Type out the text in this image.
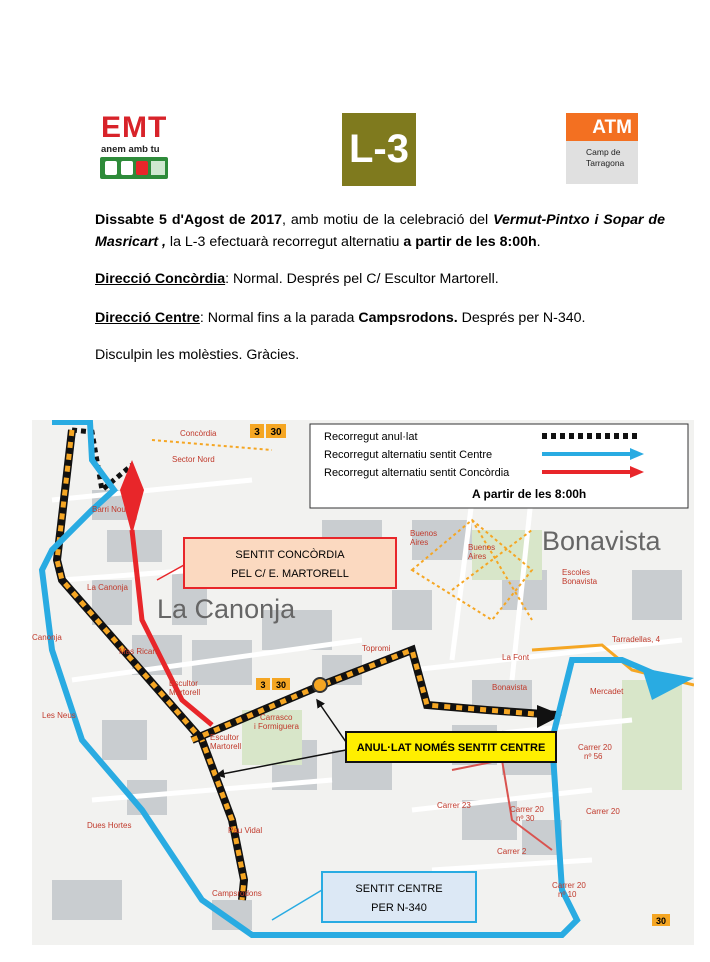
EMT
anem amb tu	L-3	ATM
Camp de
Tarragona
Dissabte 5 d'Agost de 2017, amb motiu de la celebració del Vermut-Pintxo i Sopar de Masricart , la L-3 efectuarà recorregut alternatiu a partir de les 8:00h.
Direcció Concòrdia: Normal. Després pel C/ Escultor Martorell.
Direcció Centre: Normal fins a la parada Campsrodons. Després per N-340.
Disculpin les molèsties. Gràcies.
Recorregut anul·lat
Recorregut alternatiu sentit Centre
Recorregut alternatiu sentit Concòrdia
A partir de les 8:00h
SENTIT CONCÒRDIA
PEL C/ E. MARTORELL
ANUL·LAT NOMÉS SENTIT CENTRE
SENTIT CENTRE
PER N-340
La Canonja
Bonavista
Concòrdia
Sector Nord
Barri Nou
La Canonja
Canonja
Mas Ricart
Escultor
Martorell
Escultor
Martorell
Carrasco
i Formiguera
Les Neus
Dues Hortes
Pau Vidal
Campsrodons
Topromi
Buenos
Aires
Buenos
Aires
Escoles
Bonavista
Tarradellas, 4
La Font
Bonavista	Mercadet
Carrer 20
nº 56
Carrer 20
Carrer 23	Carrer 20
nº 30
Carrer 2
Carrer 20
nº 10
3 30
3 30
30
